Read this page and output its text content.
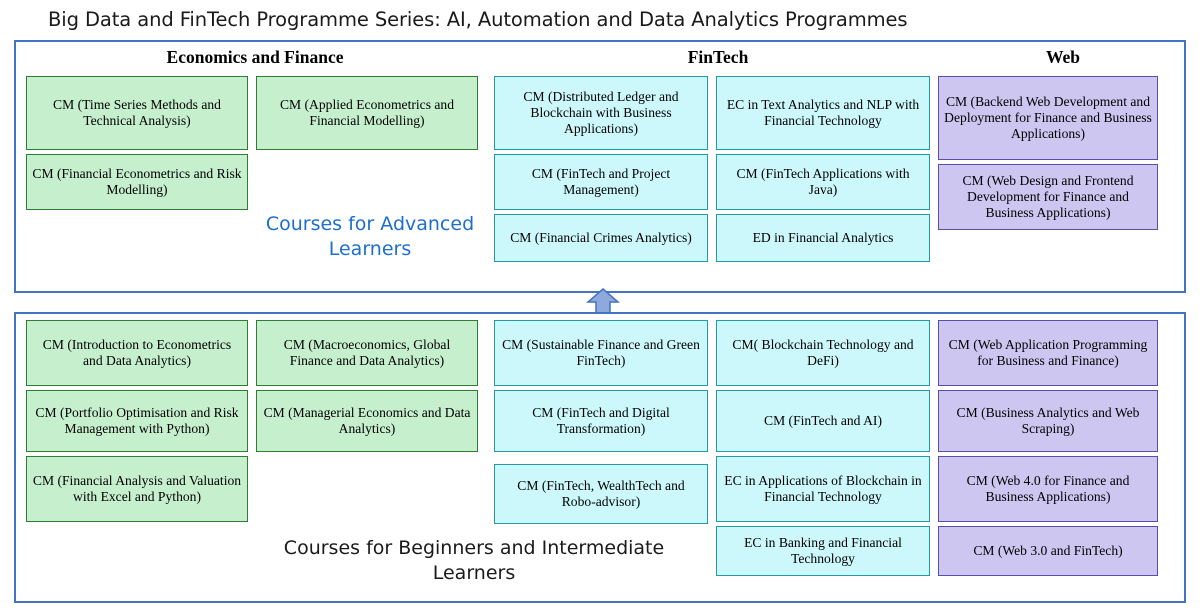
Big Data and FinTech Programme Series: AI, Automation and Data Analytics Programmes
Economics and Finance	FinTech	Web
CM (Time Series Methods and Technical Analysis)
CM (Applied Econometrics and Financial Modelling)
CM (Distributed Ledger and Blockchain with Business Applications)
EC in Text Analytics and NLP with Financial Technology
CM (Backend Web Development and Deployment for Finance and Business Applications)
CM (Financial Econometrics and Risk Modelling)
CM (FinTech and Project Management)
CM (FinTech Applications with Java)
CM (Web Design and Frontend Development for Finance and Business Applications)
CM (Financial Crimes Analytics)	ED in Financial Analytics
Courses for Advanced Learners
CM (Introduction to Econometrics and Data Analytics)
CM (Macroeconomics, Global Finance and Data Analytics)
CM (Sustainable Finance and Green FinTech)
CM( Blockchain Technology and DeFi)
CM (Web Application Programming for Business and Finance)
CM (Portfolio Optimisation and Risk Management with Python)
CM (Managerial Economics and Data Analytics)
CM (FinTech and Digital Transformation)
CM (FinTech and AI)
CM (Business Analytics and Web Scraping)
CM (Financial Analysis and Valuation with Excel and Python)
CM (FinTech, WealthTech and Robo-advisor)
EC in Applications of Blockchain in Financial Technology
CM (Web 4.0 for Finance and Business Applications)
EC in Banking and Financial Technology
CM (Web 3.0 and FinTech)
Courses for Beginners and Intermediate Learners
